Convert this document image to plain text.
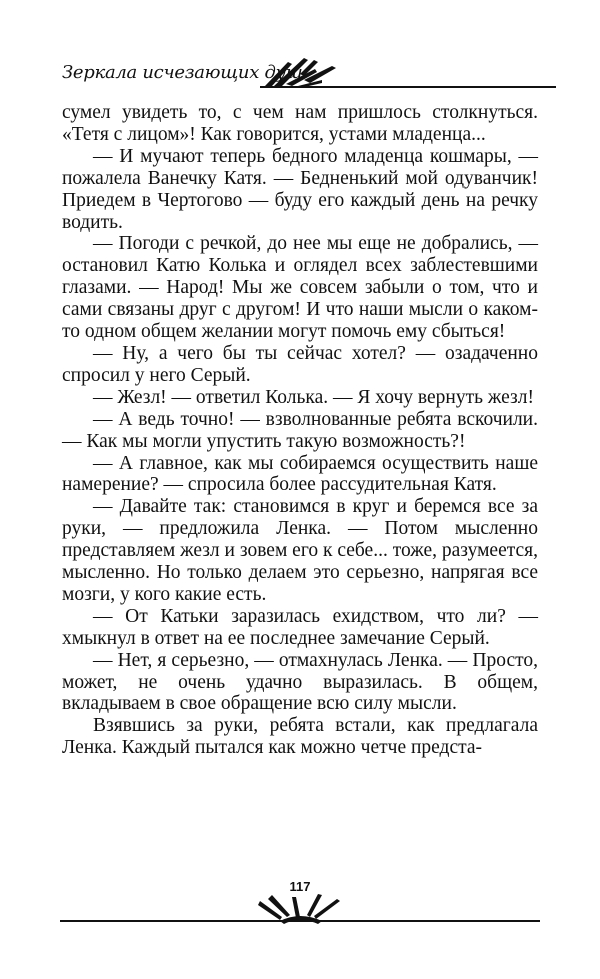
Зеркала исчезающих душ

сумел увидеть то, с чем нам пришлось столкнуться. «Тетя с лицом»! Как говорится, устами младенца...

— И мучают теперь бедного младенца кошмары, — пожалела Ванечку Катя. — Бедненький мой одуванчик! Приедем в Чертогово — буду его каждый день на речку водить.

— Погоди с речкой, до нее мы еще не добрались, — остановил Катю Колька и оглядел всех заблестевшими глазами. — Народ! Мы же совсем забыли о том, что и сами связаны друг с другом! И что наши мысли о каком-то одном общем желании могут помочь ему сбыться!

— Ну, а чего бы ты сейчас хотел? — озадаченно спросил у него Серый.

— Жезл! — ответил Колька. — Я хочу вернуть жезл!

— А ведь точно! — взволнованные ребята вскочили. — Как мы могли упустить такую возможность?!

— А главное, как мы собираемся осуществить наше намерение? — спросила более рассудительная Катя.

— Давайте так: становимся в круг и беремся все за руки, — предложила Ленка. — Потом мысленно представляем жезл и зовем его к себе... тоже, разумеется, мысленно. Но только делаем это серьезно, напрягая все мозги, у кого какие есть.

— От Катьки заразилась ехидством, что ли? — хмыкнул в ответ на ее последнее замечание Серый.

— Нет, я серьезно, — отмахнулась Ленка. — Просто, может, не очень удачно выразилась. В общем, вкладываем в свое обращение всю силу мысли.

Взявшись за руки, ребята встали, как предлагала Ленка. Каждый пытался как можно четче предста-

117
